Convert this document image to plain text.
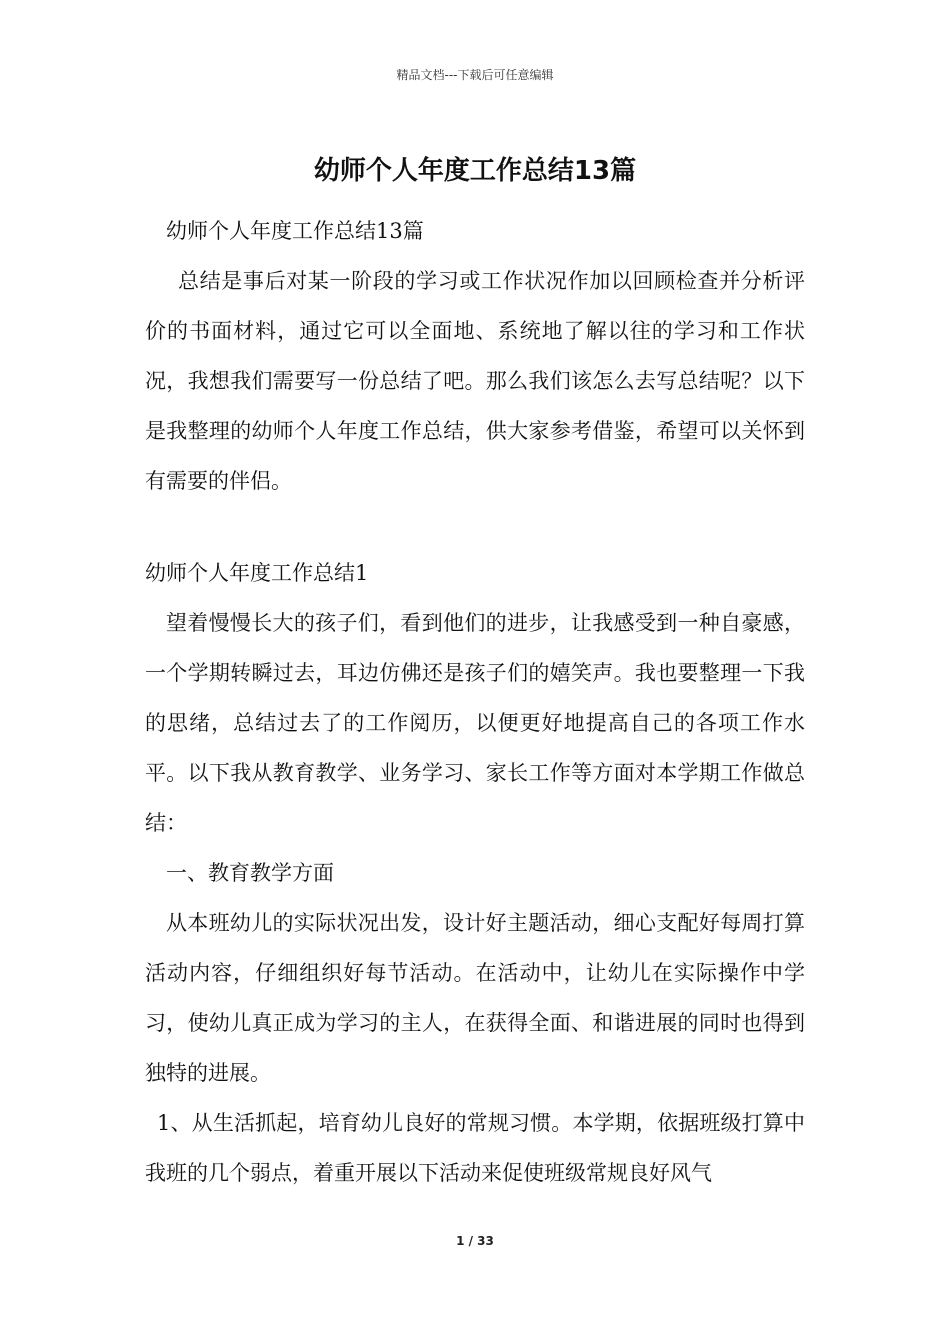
精品文档---下载后可任意编辑
幼师个人年度工作总结13篇

幼师个人年度工作总结13篇

总结是事后对某一阶段的学习或工作状况作加以回顾检查并分析评价的书面材料，通过它可以全面地、系统地了解以往的学习和工作状况，我想我们需要写一份总结了吧。那么我们该怎么去写总结呢？以下是我整理的幼师个人年度工作总结，供大家参考借鉴，希望可以关怀到有需要的伴侣。

幼师个人年度工作总结1

望着慢慢长大的孩子们，看到他们的进步，让我感受到一种自豪感，一个学期转瞬过去，耳边仿佛还是孩子们的嬉笑声。我也要整理一下我的思绪，总结过去了的工作阅历，以便更好地提高自己的各项工作水平。以下我从教育教学、业务学习、家长工作等方面对本学期工作做总结：

一、教育教学方面

从本班幼儿的实际状况出发，设计好主题活动，细心支配好每周打算活动内容，仔细组织好每节活动。在活动中，让幼儿在实际操作中学习，使幼儿真正成为学习的主人，在获得全面、和谐进展的同时也得到独特的进展。

1、从生活抓起，培育幼儿良好的常规习惯。本学期，依据班级打算中我班的几个弱点，着重开展以下活动来促使班级常规良好风气

1 / 33
